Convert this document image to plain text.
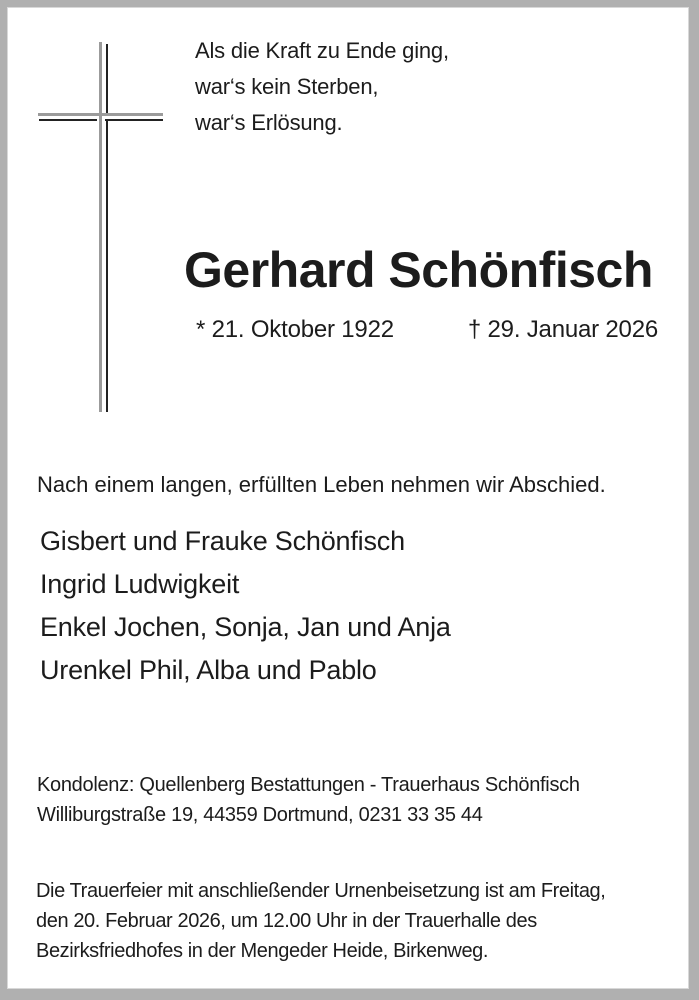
Als die Kraft zu Ende ging,
war‘s kein Sterben,
war‘s Erlösung.
Gerhard Schönfisch
* 21. Oktober 1922	† 29. Januar 2026
Nach einem langen, erfüllten Leben nehmen wir Abschied.
Gisbert und Frauke Schönfisch
Ingrid Ludwigkeit
Enkel Jochen, Sonja, Jan und Anja
Urenkel Phil, Alba und Pablo
Kondolenz: Quellenberg Bestattungen - Trauerhaus Schönfisch
Williburgstraße 19, 44359 Dortmund, 0231 33 35 44
Die Trauerfeier mit anschließender Urnenbeisetzung ist am Freitag,
den 20. Februar 2026, um 12.00 Uhr in der Trauerhalle des
Bezirksfriedhofes in der Mengeder Heide, Birkenweg.
